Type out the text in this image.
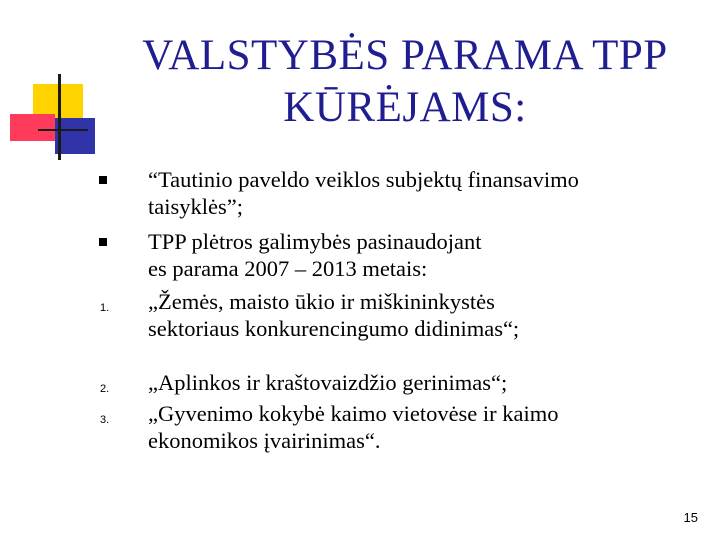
VALSTYBĖS PARAMA TPP
KŪRĖJAMS:
“Tautinio paveldo veiklos subjektų finansavimo
taisyklės”;
TPP plėtros galimybės pasinaudojant
es parama 2007 – 2013 metais:
1.	„Žemės, maisto ūkio ir miškininkystės
sektoriaus konkurencingumo didinimas“;
2.	„Aplinkos ir kraštovaizdžio gerinimas“;
3.	„Gyvenimo kokybė kaimo vietovėse ir kaimo
ekonomikos įvairinimas“.
15
